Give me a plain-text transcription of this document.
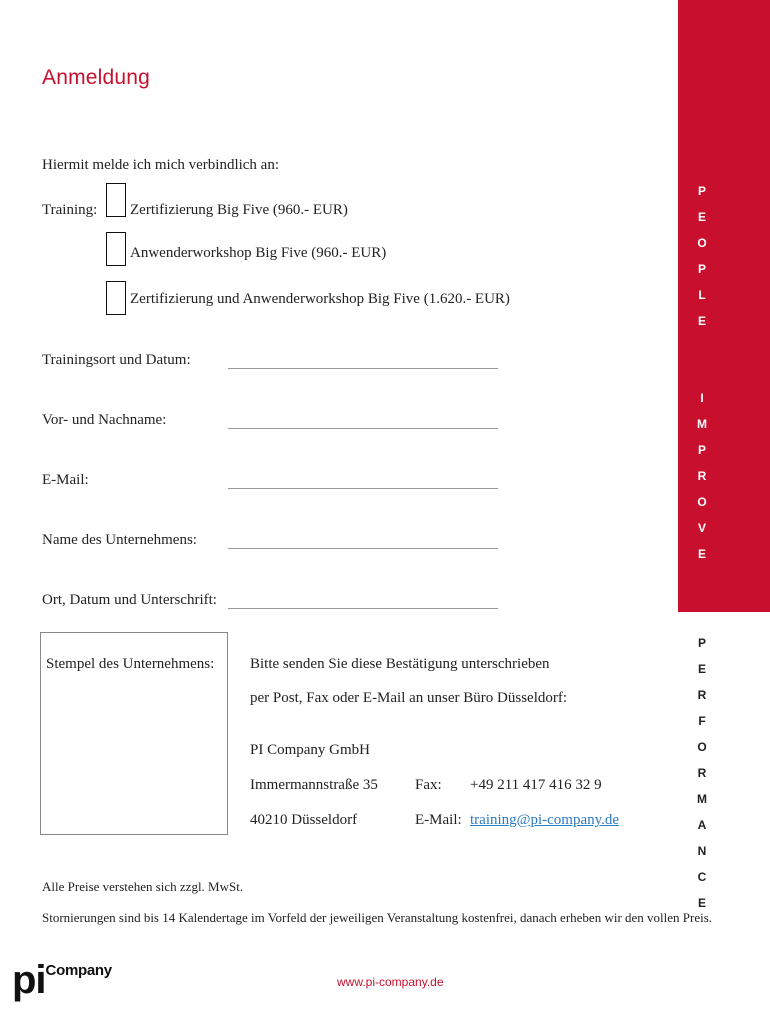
Anmeldung
Hiermit melde ich mich verbindlich an:
Training: Zertifizierung Big Five (960.- EUR)
Anwenderworkshop Big Five (960.- EUR)
Zertifizierung und Anwenderworkshop Big Five (1.620.- EUR)
Trainingsort und Datum:
Vor- und Nachname:
E-Mail:
Name des Unternehmens:
Ort, Datum und Unterschrift:
Stempel des Unternehmens: Bitte senden Sie diese Bestätigung unterschrieben
per Post, Fax oder E-Mail an unser Büro Düsseldorf:
PI Company GmbH
Immermannstraße 35
40210 Düsseldorf
Fax: +49 211 417 416 32 9
E-Mail: training@pi-company.de
Alle Preise verstehen sich zzgl. MwSt.
Stornierungen sind bis 14 Kalendertage im Vorfeld der jeweiligen Veranstaltung kostenfrei, danach erheben wir den vollen Preis.
P
E
O
P
L
E
I
M
P
R
O
V
E
P
E
R
F
O
R
M
A
N
C
E
piCompany
www.pi-company.de
